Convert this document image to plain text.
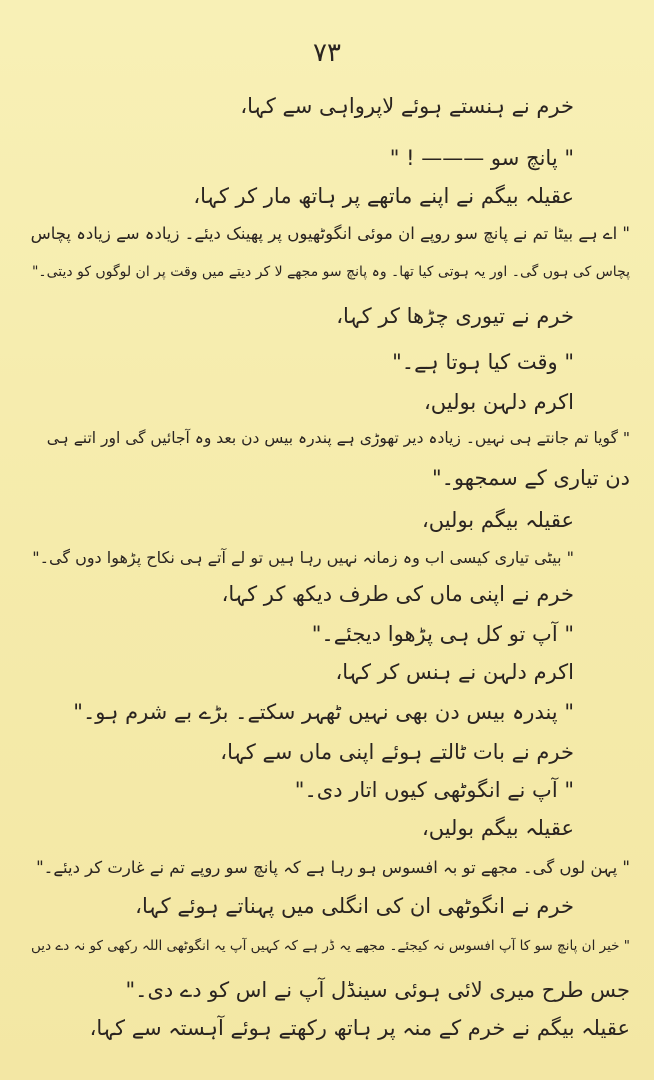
۷۳
خرم نے ہنستے ہوئے لاپرواہی سے کہا،
" پانچ سو ——— ! "
عقیلہ بیگم نے اپنے ماتھے پر ہاتھ مار کر کہا،
" اے ہے بیٹا تم نے پانچ سو روپے ان موئی انگوٹھیوں پر پھینک دیئے۔ زیادہ سے زیادہ پچاس
پچاس کی ہوں گی۔ اور یہ ہوتی کیا تھا۔ وہ پانچ سو مجھے لا کر دیتے میں وقت پر ان لوگوں کو دیتی۔"
خرم نے تیوری چڑھا کر کہا،
" وقت کیا ہوتا ہے۔"
اکرم دلہن بولیں،
" گویا تم جانتے ہی نہیں۔ زیادہ دیر تھوڑی ہے پندرہ بیس دن بعد وہ آجائیں گی اور اتنے ہی
دن تیاری کے سمجھو۔"
عقیلہ بیگم بولیں،
" بیٹی تیاری کیسی اب وہ زمانہ نہیں رہا ہیں تو لے آتے ہی نکاح پڑھوا دوں گی۔"
خرم نے اپنی ماں کی طرف دیکھ کر کہا،
" آپ تو کل ہی پڑھوا دیجئے۔"
اکرم دلہن نے ہنس کر کہا،
" پندرہ بیس دن بھی نہیں ٹھہر سکتے۔ بڑے بے شرم ہو۔"
خرم نے بات ٹالتے ہوئے اپنی ماں سے کہا،
" آپ نے انگوٹھی کیوں اتار دی۔"
عقیلہ بیگم بولیں،
" پہن لوں گی۔ مجھے تو بہ افسوس ہو رہا ہے کہ پانچ سو روپے تم نے غارت کر دیئے۔"
خرم نے انگوٹھی ان کی انگلی میں پہناتے ہوئے کہا،
" خیر ان پانچ سو کا آپ افسوس نہ کیجئے۔ مجھے یہ ڈر ہے کہ کہیں آپ یہ انگوٹھی اللہ رکھی کو نہ دے دیں
جس طرح میری لائی ہوئی سینڈل آپ نے اس کو دے دی۔"
عقیلہ بیگم نے خرم کے منہ پر ہاتھ رکھتے ہوئے آہستہ سے کہا،
